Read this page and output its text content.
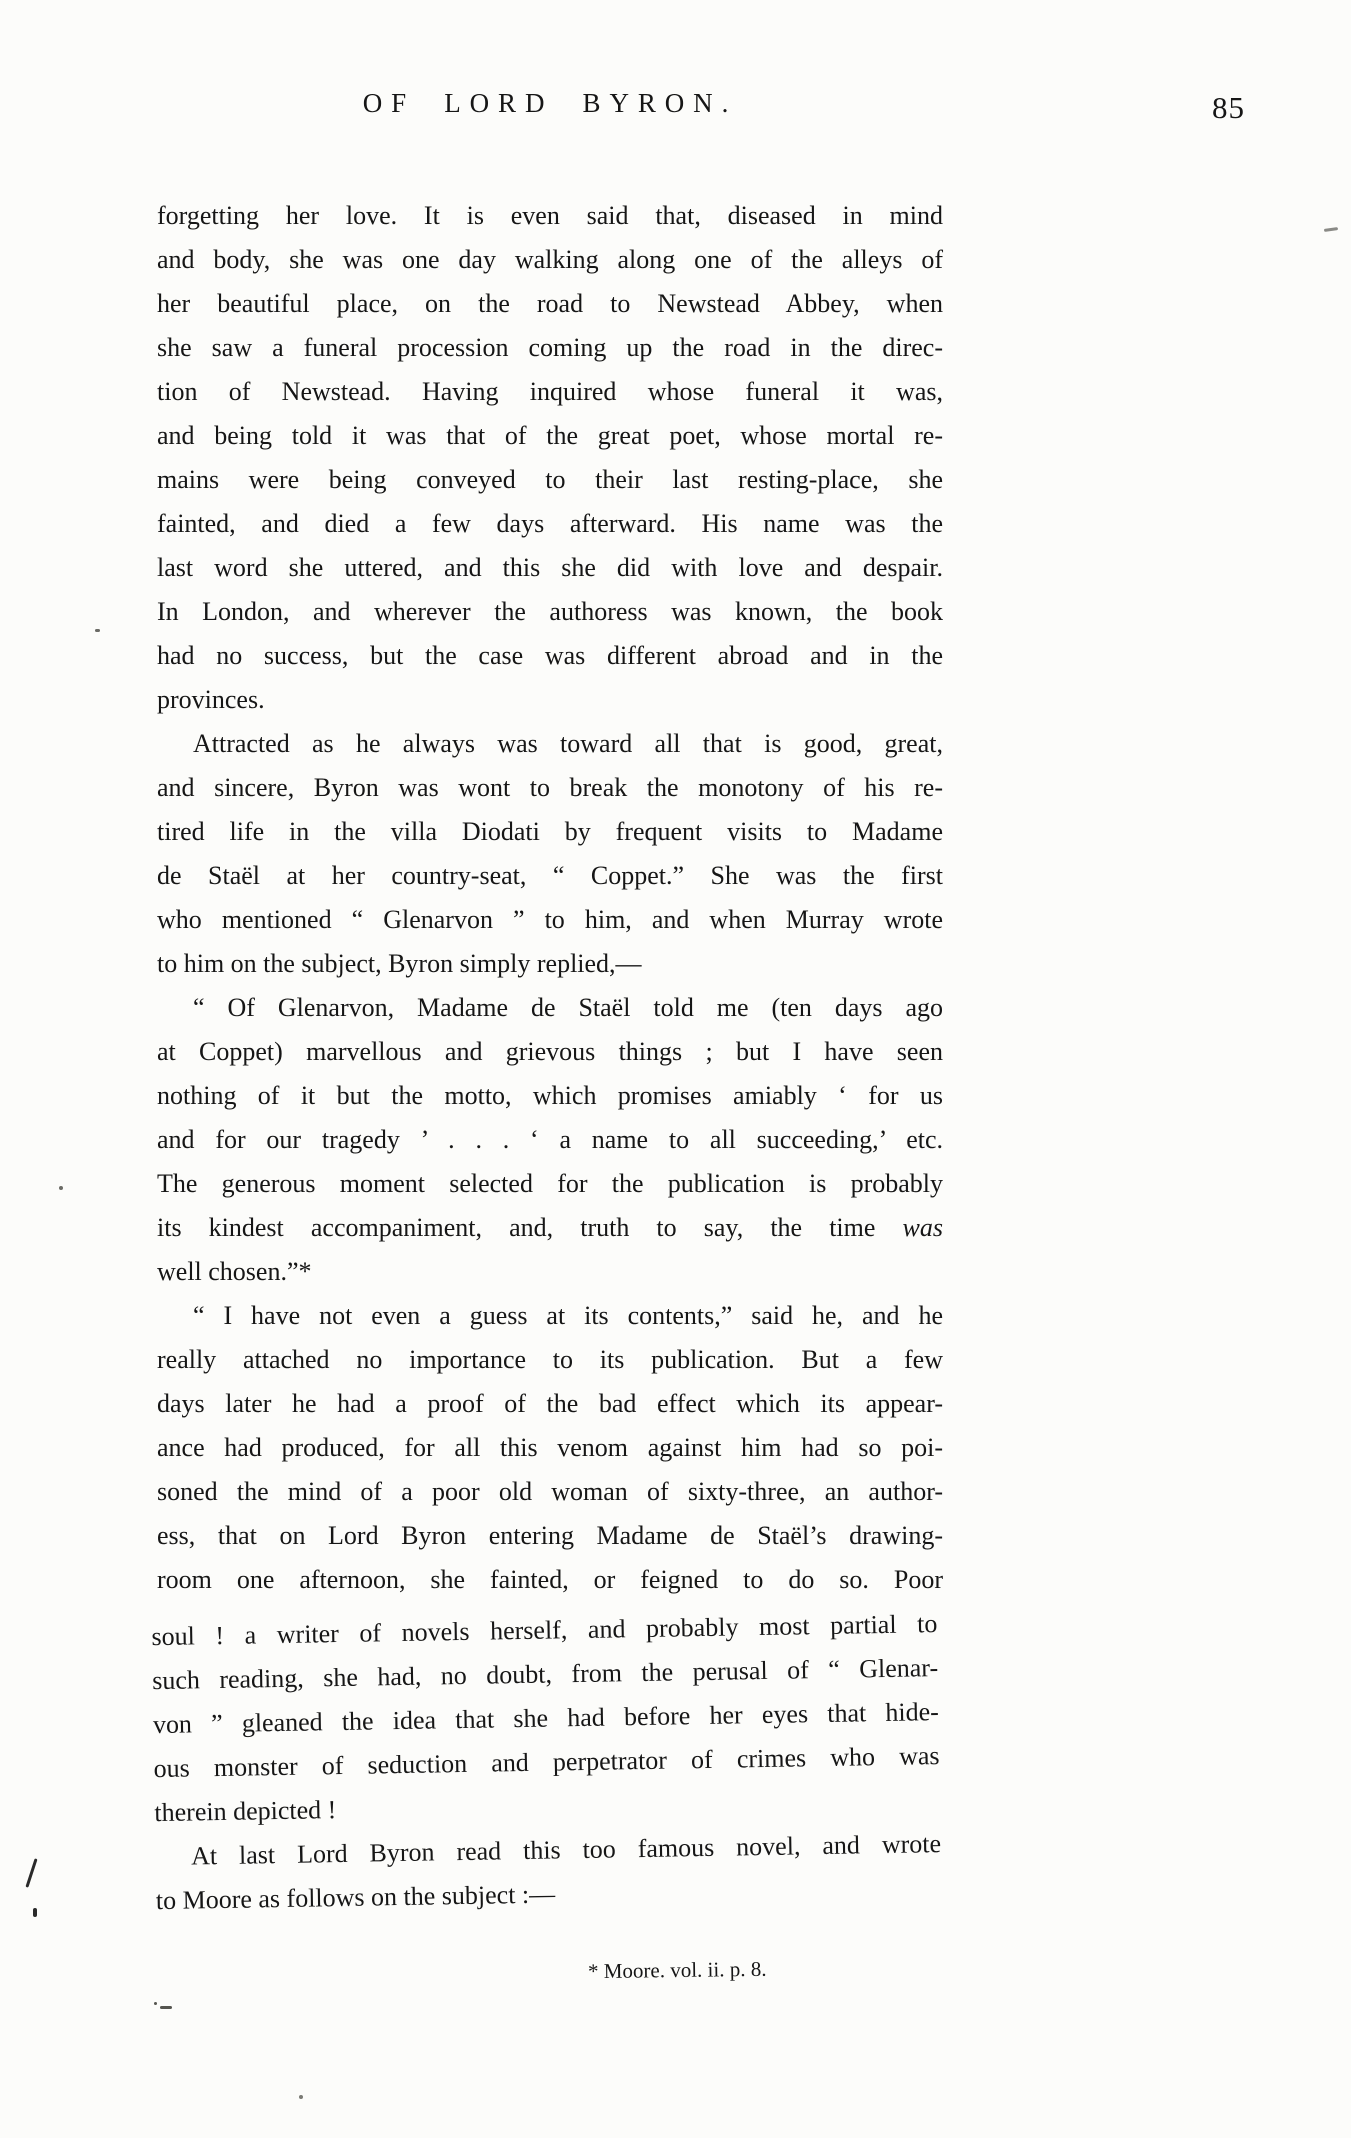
OF LORD BYRON.	85
forgetting her love. It is even said that, diseased in mind
and body, she was one day walking along one of the alleys of
her beautiful place, on the road to Newstead Abbey, when
she saw a funeral procession coming up the road in the direc-
tion of Newstead. Having inquired whose funeral it was,
and being told it was that of the great poet, whose mortal re-
mains were being conveyed to their last resting-place, she
fainted, and died a few days afterward. His name was the
last word she uttered, and this she did with love and despair.
In London, and wherever the authoress was known, the book
had no success, but the case was different abroad and in the
provinces.
Attracted as he always was toward all that is good, great,
and sincere, Byron was wont to break the monotony of his re-
tired life in the villa Diodati by frequent visits to Madame
de Staël at her country-seat, “ Coppet.” She was the first
who mentioned “ Glenarvon ” to him, and when Murray wrote
to him on the subject, Byron simply replied,—
“ Of Glenarvon, Madame de Staël told me (ten days ago
at Coppet) marvellous and grievous things ; but I have seen
nothing of it but the motto, which promises amiably ‘ for us
and for our tragedy ’ . . . ‘ a name to all succeeding,’ etc.
The generous moment selected for the publication is probably
its kindest accompaniment, and, truth to say, the time was
well chosen.”*
“ I have not even a guess at its contents,” said he, and he
really attached no importance to its publication. But a few
days later he had a proof of the bad effect which its appear-
ance had produced, for all this venom against him had so poi-
soned the mind of a poor old woman of sixty-three, an author-
ess, that on Lord Byron entering Madame de Staël’s drawing-
room one afternoon, she fainted, or feigned to do so. Poor
soul ! a writer of novels herself, and probably most partial to
such reading, she had, no doubt, from the perusal of “ Glenar-
von ” gleaned the idea that she had before her eyes that hide-
ous monster of seduction and perpetrator of crimes who was
therein depicted !
At last Lord Byron read this too famous novel, and wrote
to Moore as follows on the subject :—
* Moore. vol. ii. p. 8.
